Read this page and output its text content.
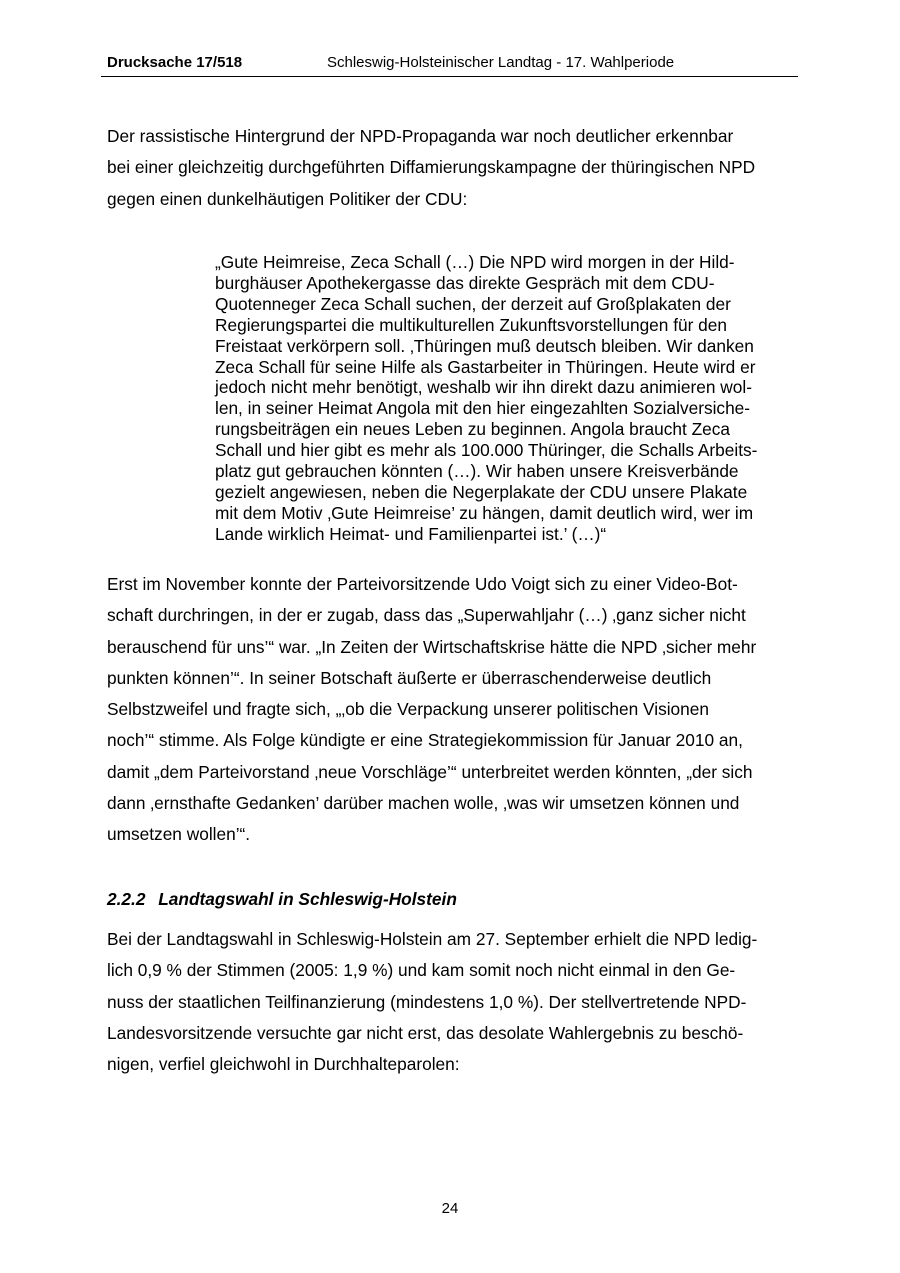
Drucksache 17/518	Schleswig-Holsteinischer Landtag - 17. Wahlperiode

Der rassistische Hintergrund der NPD-Propaganda war noch deutlicher erkennbar
bei einer gleichzeitig durchgeführten Diffamierungskampagne der thüringischen NPD
gegen einen dunkelhäutigen Politiker der CDU:

„Gute Heimreise, Zeca Schall (…) Die NPD wird morgen in der Hild-
burghäuser Apothekergasse das direkte Gespräch mit dem CDU-
Quotenneger Zeca Schall suchen, der derzeit auf Großplakaten der
Regierungspartei die multikulturellen Zukunftsvorstellungen für den
Freistaat verkörpern soll. ‚Thüringen muß deutsch bleiben. Wir danken
Zeca Schall für seine Hilfe als Gastarbeiter in Thüringen. Heute wird er
jedoch nicht mehr benötigt, weshalb wir ihn direkt dazu animieren wol-
len, in seiner Heimat Angola mit den hier eingezahlten Sozialversiche-
rungsbeiträgen ein neues Leben zu beginnen. Angola braucht Zeca
Schall und hier gibt es mehr als 100.000 Thüringer, die Schalls Arbeits-
platz gut gebrauchen könnten (…). Wir haben unsere Kreisverbände
gezielt angewiesen, neben die Negerplakate der CDU unsere Plakate
mit dem Motiv ‚Gute Heimreise’ zu hängen, damit deutlich wird, wer im
Lande wirklich Heimat- und Familienpartei ist.’ (…)“

Erst im November konnte der Parteivorsitzende Udo Voigt sich zu einer Video-Bot-
schaft durchringen, in der er zugab, dass das „Superwahljahr (…) ‚ganz sicher nicht
berauschend für uns’“ war. „In Zeiten der Wirtschaftskrise hätte die NPD ‚sicher mehr
punkten können’“. In seiner Botschaft äußerte er überraschenderweise deutlich
Selbstzweifel und fragte sich, „‚ob die Verpackung unserer politischen Visionen
noch’“ stimme. Als Folge kündigte er eine Strategiekommission für Januar 2010 an,
damit „dem Parteivorstand ‚neue Vorschläge’“ unterbreitet werden könnten, „der sich
dann ‚ernsthafte Gedanken’ darüber machen wolle, ‚was wir umsetzen können und
umsetzen wollen’“.

2.2.2 Landtagswahl in Schleswig-Holstein

Bei der Landtagswahl in Schleswig-Holstein am 27. September erhielt die NPD ledig-
lich 0,9 % der Stimmen (2005: 1,9 %) und kam somit noch nicht einmal in den Ge-
nuss der staatlichen Teilfinanzierung (mindestens 1,0 %). Der stellvertretende NPD-
Landesvorsitzende versuchte gar nicht erst, das desolate Wahlergebnis zu beschö-
nigen, verfiel gleichwohl in Durchhalteparolen:

24
